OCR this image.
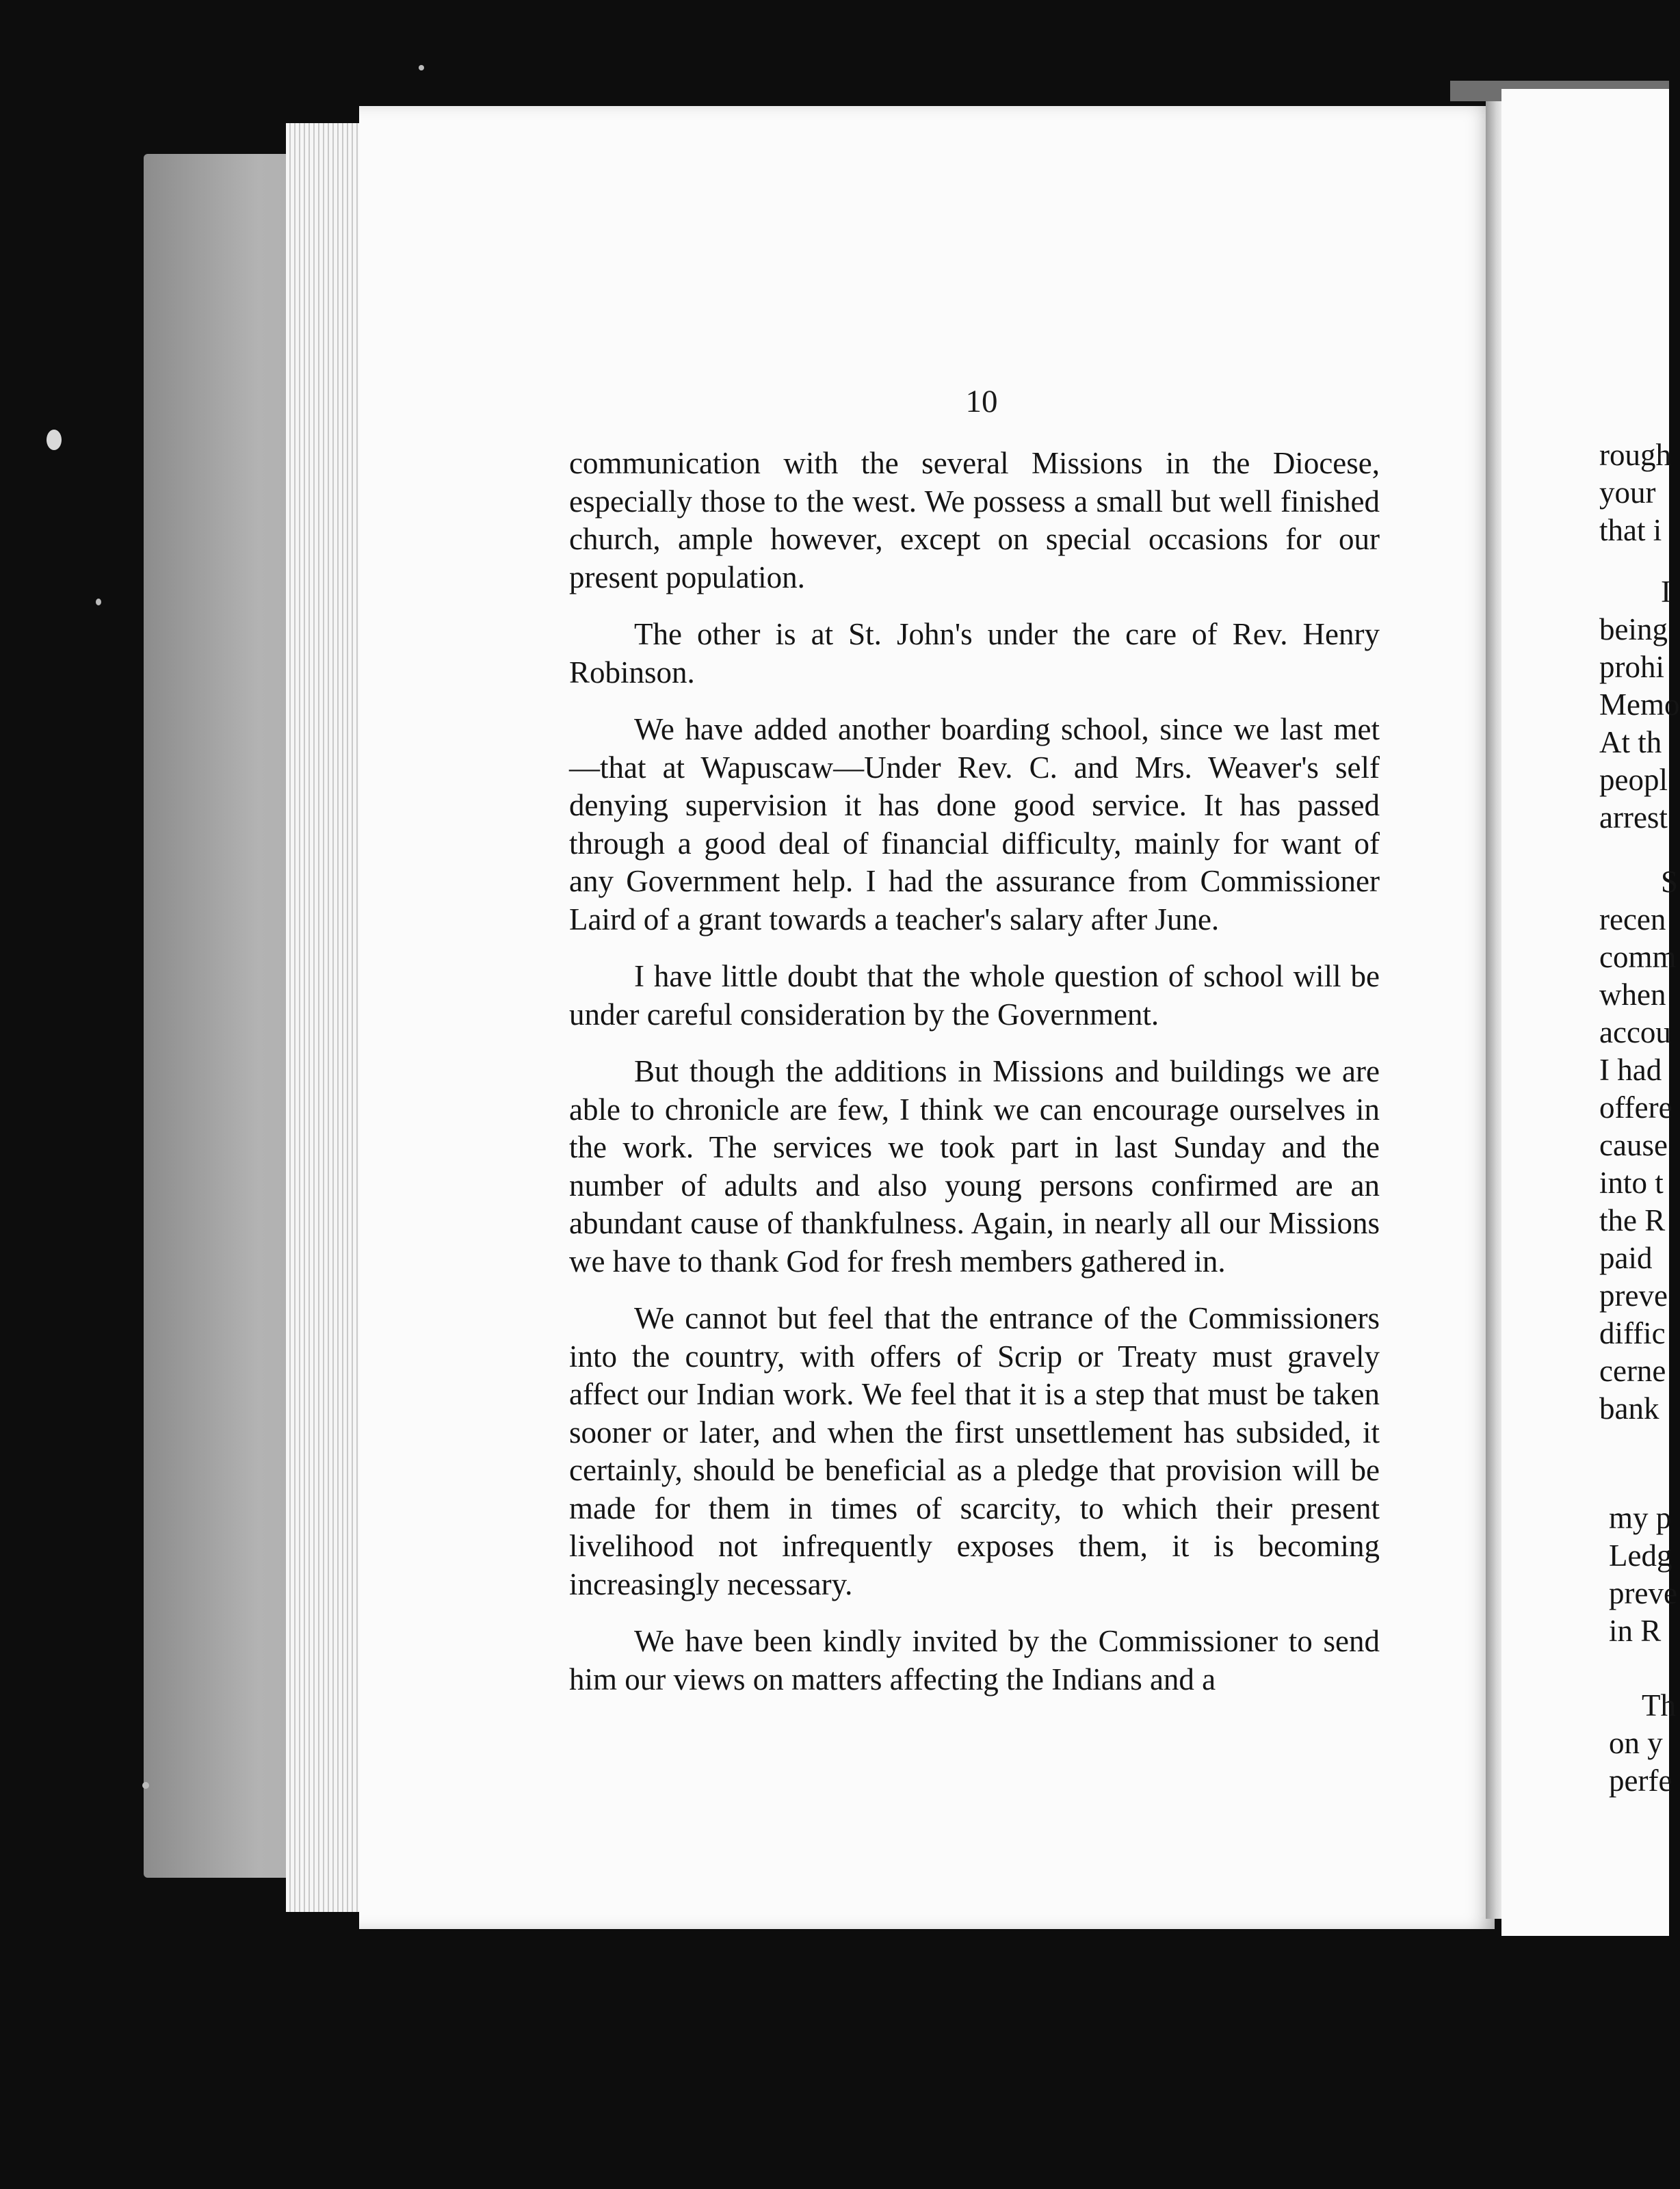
10

communication with the several Missions in the Diocese, especially those to the west. We possess a small but well finished church, ample however, except on special occasions for our present population.

The other is at St. John's under the care of Rev. Henry Robinson.

We have added another boarding school, since we last met—that at Wapuscaw—Under Rev. C. and Mrs. Weaver's self denying supervision it has done good service. It has passed through a good deal of financial difficulty, mainly for want of any Government help. I had the assurance from Commissioner Laird of a grant towards a teacher's salary after June.

I have little doubt that the whole question of school will be under careful consideration by the Government.

But though the additions in Missions and buildings we are able to chronicle are few, I think we can encourage ourselves in the work. The services we took part in last Sunday and the number of adults and also young persons confirmed are an abundant cause of thankfulness. Again, in nearly all our Missions we have to thank God for fresh members gathered in.

We cannot but feel that the entrance of the Commissioners into the country, with offers of Scrip or Treaty must gravely affect our Indian work. We feel that it is a step that must be taken sooner or later, and when the first unsettlement has subsided, it certainly, should be beneficial as a pledge that provision will be made for them in times of scarcity, to which their present livelihood not infrequently exposes them, it is becoming increasingly necessary.

We have been kindly invited by the Commissioner to send him our views on matters affecting the Indians and a

rough
your
that i
I
being
prohi
Memo
At th
peopl
arrest
S
recen
comm
when
accou
I had
offere
cause
into t
the R
paid
preve
diffic
cerne
bank
my p
Ledg
preve
in R
Th
on y
perfe
